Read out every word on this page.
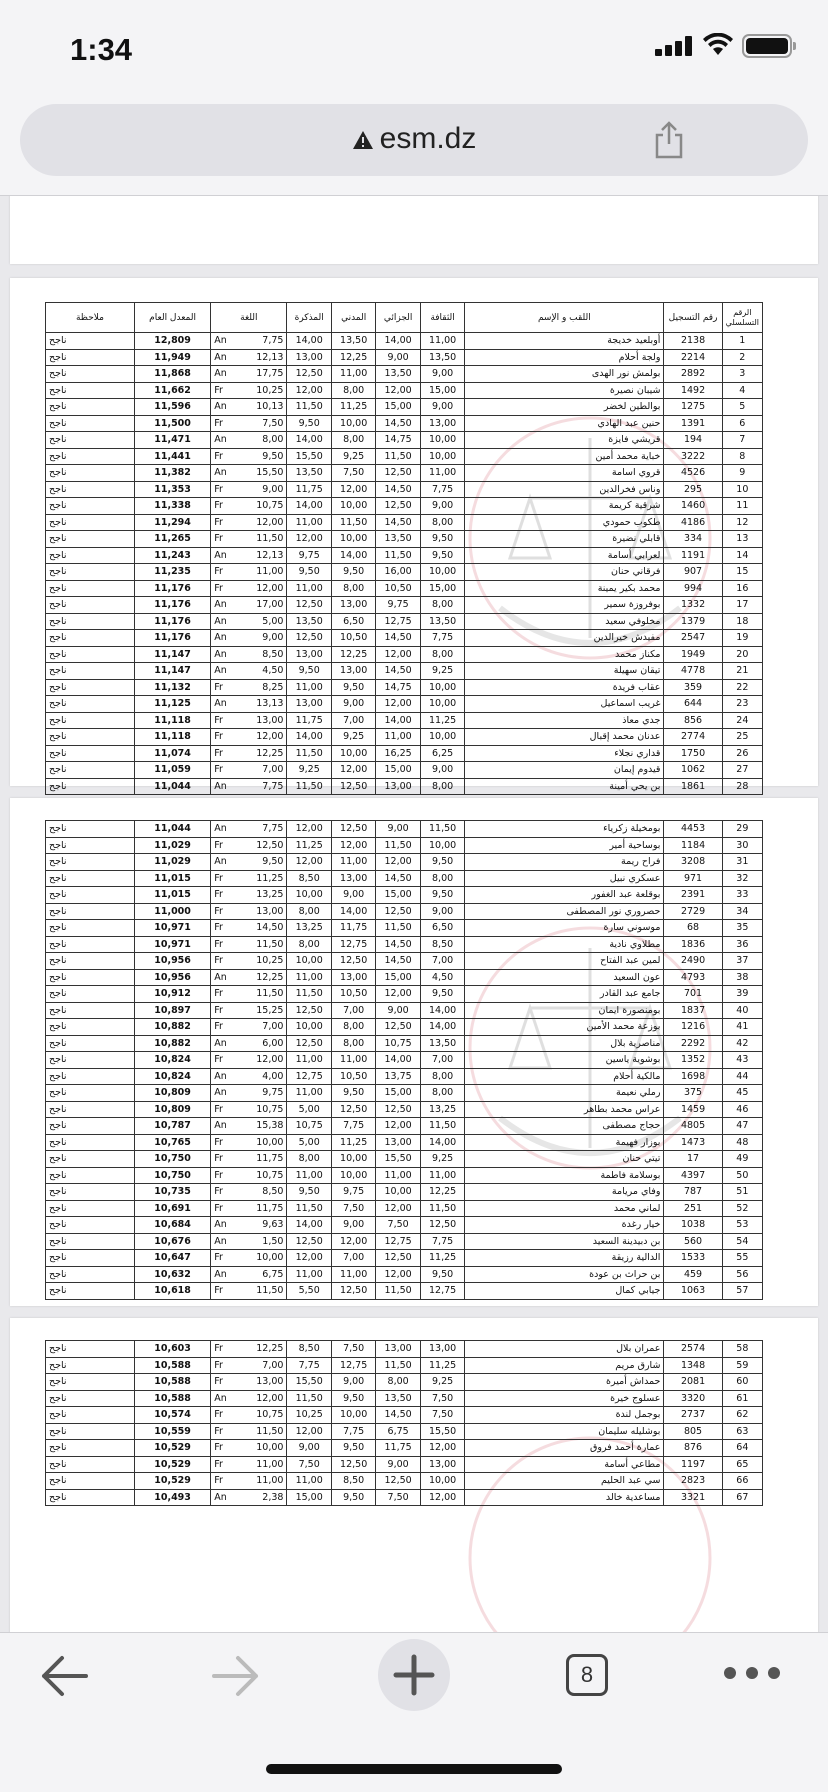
1:34
esm.dz
ملاحظة	المعدل العام	اللغة	المذكرة	المدني	الجزائي	الثقافة	اللقب و الإسم	رقم التسجيل	الرقم التسلسلي
ناجح	12,809	An 7,75	14,00	13,50	14,00	11,00	أوبلعيد خديجة	2138	1
ناجح	11,949	An 12,13	13,00	12,25	9,00	13,50	ولجة أحلام	2214	2
ناجح	11,868	An 17,75	12,50	11,00	13,50	9,00	بولمش نور الهدى	2892	3
ناجح	11,662	Fr 10,25	12,00	8,00	12,00	15,00	شيبان نصيرة	1492	4
ناجح	11,596	An 10,13	11,50	11,25	15,00	9,00	بوالطين لخضر	1275	5
ناجح	11,500	Fr 7,50	9,50	10,00	14,50	13,00	حنين عبد الهادي	1391	6
ناجح	11,471	An 8,00	14,00	8,00	14,75	10,00	قريشي فايزة	194	7
ناجح	11,441	Fr 9,50	15,50	9,25	11,50	10,00	خباية محمد أمين	3222	8
ناجح	11,382	An 15,50	13,50	7,50	12,50	11,00	قروي اسامة	4526	9
ناجح	11,353	Fr 9,00	11,75	12,00	14,50	7,75	وناس فخرالدين	295	10
ناجح	11,338	Fr 10,75	14,00	10,00	12,50	9,00	شرقية كريمة	1460	11
ناجح	11,294	Fr 12,00	11,00	11,50	14,50	8,00	طكوب حمودي	4186	12
ناجح	11,265	Fr 11,50	12,00	10,00	13,50	9,50	قابلي نضيرة	334	13
ناجح	11,243	An 12,13	9,75	14,00	11,50	9,50	لعرابي أسامة	1191	14
ناجح	11,235	Fr 11,00	9,50	9,50	16,00	10,00	فرقاني حنان	907	15
ناجح	11,176	Fr 12,00	11,00	8,00	10,50	15,00	محمد بكير يمينة	994	16
ناجح	11,176	An 17,00	12,50	13,00	9,75	8,00	بوفروزة سمير	1332	17
ناجح	11,176	An 5,00	13,50	6,50	12,75	13,50	مخلوفي سعيد	1379	18
ناجح	11,176	An 9,00	12,50	10,50	14,50	7,75	مفيدش خيرالدين	2547	19
ناجح	11,147	An 8,50	13,00	12,25	12,00	8,00	مكناز محمد	1949	20
ناجح	11,147	An 4,50	9,50	13,00	14,50	9,25	تيقان سهيلة	4778	21
ناجح	11,132	Fr 8,25	11,00	9,50	14,75	10,00	عقاب فريدة	359	22
ناجح	11,125	An 13,13	13,00	9,00	12,00	10,00	غريب اسماعيل	644	23
ناجح	11,118	Fr 13,00	11,75	7,00	14,00	11,25	جدي معاذ	856	24
ناجح	11,118	Fr 12,00	14,00	9,25	11,00	10,00	عدنان محمد إقبال	2774	25
ناجح	11,074	Fr 12,25	11,50	10,00	16,25	6,25	قداري نجلاء	1750	26
ناجح	11,059	Fr 7,00	9,25	12,00	15,00	9,00	قيدوم إيمان	1062	27
ناجح	11,044	An 7,75	11,50	12,50	13,00	8,00	بن يحي أمينة	1861	28
ناجح	11,044	An 7,75	12,00	12,50	9,00	11,50	بومخيلة زكرياء	4453	29
ناجح	11,029	Fr 12,50	11,25	12,00	11,50	10,00	بوساحية أمير	1184	30
ناجح	11,029	An 9,50	12,00	11,00	12,00	9,50	فراح ريمة	3208	31
ناجح	11,015	Fr 11,25	8,50	13,00	14,50	8,00	عسكري نبيل	971	32
ناجح	11,015	Fr 13,25	10,00	9,00	15,00	9,50	بوقلعة عبد الغفور	2391	33
ناجح	11,000	Fr 13,00	8,00	14,00	12,50	9,00	حصروري نور المصطفى	2729	34
ناجح	10,971	Fr 14,50	13,25	11,75	11,50	6,50	موسوني سارة	68	35
ناجح	10,971	Fr 11,50	8,00	12,75	14,50	8,50	مطلاوي نادية	1836	36
ناجح	10,956	Fr 10,25	10,00	12,50	14,50	7,00	لمين عبد الفتاح	2490	37
ناجح	10,956	An 12,25	11,00	13,00	15,00	4,50	عون السعيد	4793	38
ناجح	10,912	Fr 11,50	11,50	10,50	12,00	9,50	جامع عبد القادر	701	39
ناجح	10,897	Fr 15,25	12,50	7,00	9,00	14,00	بومنصورة ايمان	1837	40
ناجح	10,882	Fr 7,00	10,00	8,00	12,50	14,00	بوزعة محمد الأمين	1216	41
ناجح	10,882	An 6,00	12,50	8,00	10,75	13,50	مناصرية بلال	2292	42
ناجح	10,824	Fr 12,00	11,00	11,00	14,00	7,00	بوشوية ياسين	1352	43
ناجح	10,824	An 4,00	12,75	10,50	13,75	8,00	مالكية أحلام	1698	44
ناجح	10,809	An 9,75	11,00	9,50	15,00	8,00	رملي نعيمة	375	45
ناجح	10,809	Fr 10,75	5,00	12,50	12,50	13,25	عراس محمد بطاهر	1459	46
ناجح	10,787	An 15,38	10,75	7,75	12,00	11,50	حجاج مصطفى	4805	47
ناجح	10,765	Fr 10,00	5,00	11,25	13,00	14,00	بوزار فهيمة	1473	48
ناجح	10,750	Fr 11,75	8,00	10,00	15,50	9,25	تيتي حنان	17	49
ناجح	10,750	Fr 10,75	11,00	10,00	11,00	11,00	بوسلامة فاطمة	4397	50
ناجح	10,735	Fr 8,50	9,50	9,75	10,00	12,25	وفاي مريامة	787	51
ناجح	10,691	Fr 11,75	11,50	7,50	12,00	11,50	لماني محمد	251	52
ناجح	10,684	An 9,63	14,00	9,00	7,50	12,50	خيار رغدة	1038	53
ناجح	10,676	An 1,50	12,50	12,00	12,75	7,75	بن دبيدينة السعيد	560	54
ناجح	10,647	Fr 10,00	12,00	7,00	12,50	11,25	الدالية رزيقة	1533	55
ناجح	10,632	An 6,75	11,00	11,00	12,00	9,50	بن حراث بن عودة	459	56
ناجح	10,618	Fr 11,50	5,50	12,50	11,50	12,75	جيابي كمال	1063	57
ناجح	10,603	Fr 12,25	8,50	7,50	13,00	13,00	عمران بلال	2574	58
ناجح	10,588	Fr 7,00	7,75	12,75	11,50	11,25	شارق مريم	1348	59
ناجح	10,588	Fr 13,00	15,50	9,00	8,00	9,25	حمداش أميرة	2081	60
ناجح	10,588	An 12,00	11,50	9,50	13,50	7,50	عسلوج خيرة	3320	61
ناجح	10,574	Fr 10,75	10,25	10,00	14,50	7,50	بوجمل لندة	2737	62
ناجح	10,559	Fr 11,50	12,00	7,75	6,75	15,50	بوشليله سليمان	805	63
ناجح	10,529	Fr 10,00	9,00	9,50	11,75	12,00	عمارة أحمد فروق	876	64
ناجح	10,529	Fr 11,00	7,50	12,50	9,00	13,00	مطاعي أسامة	1197	65
ناجح	10,529	Fr 11,00	11,00	8,50	12,50	10,00	سي عبد الحليم	2823	66
ناجح	10,493	An 2,38	15,00	9,50	7,50	12,00	مساعدية خالد	3321	67
8
